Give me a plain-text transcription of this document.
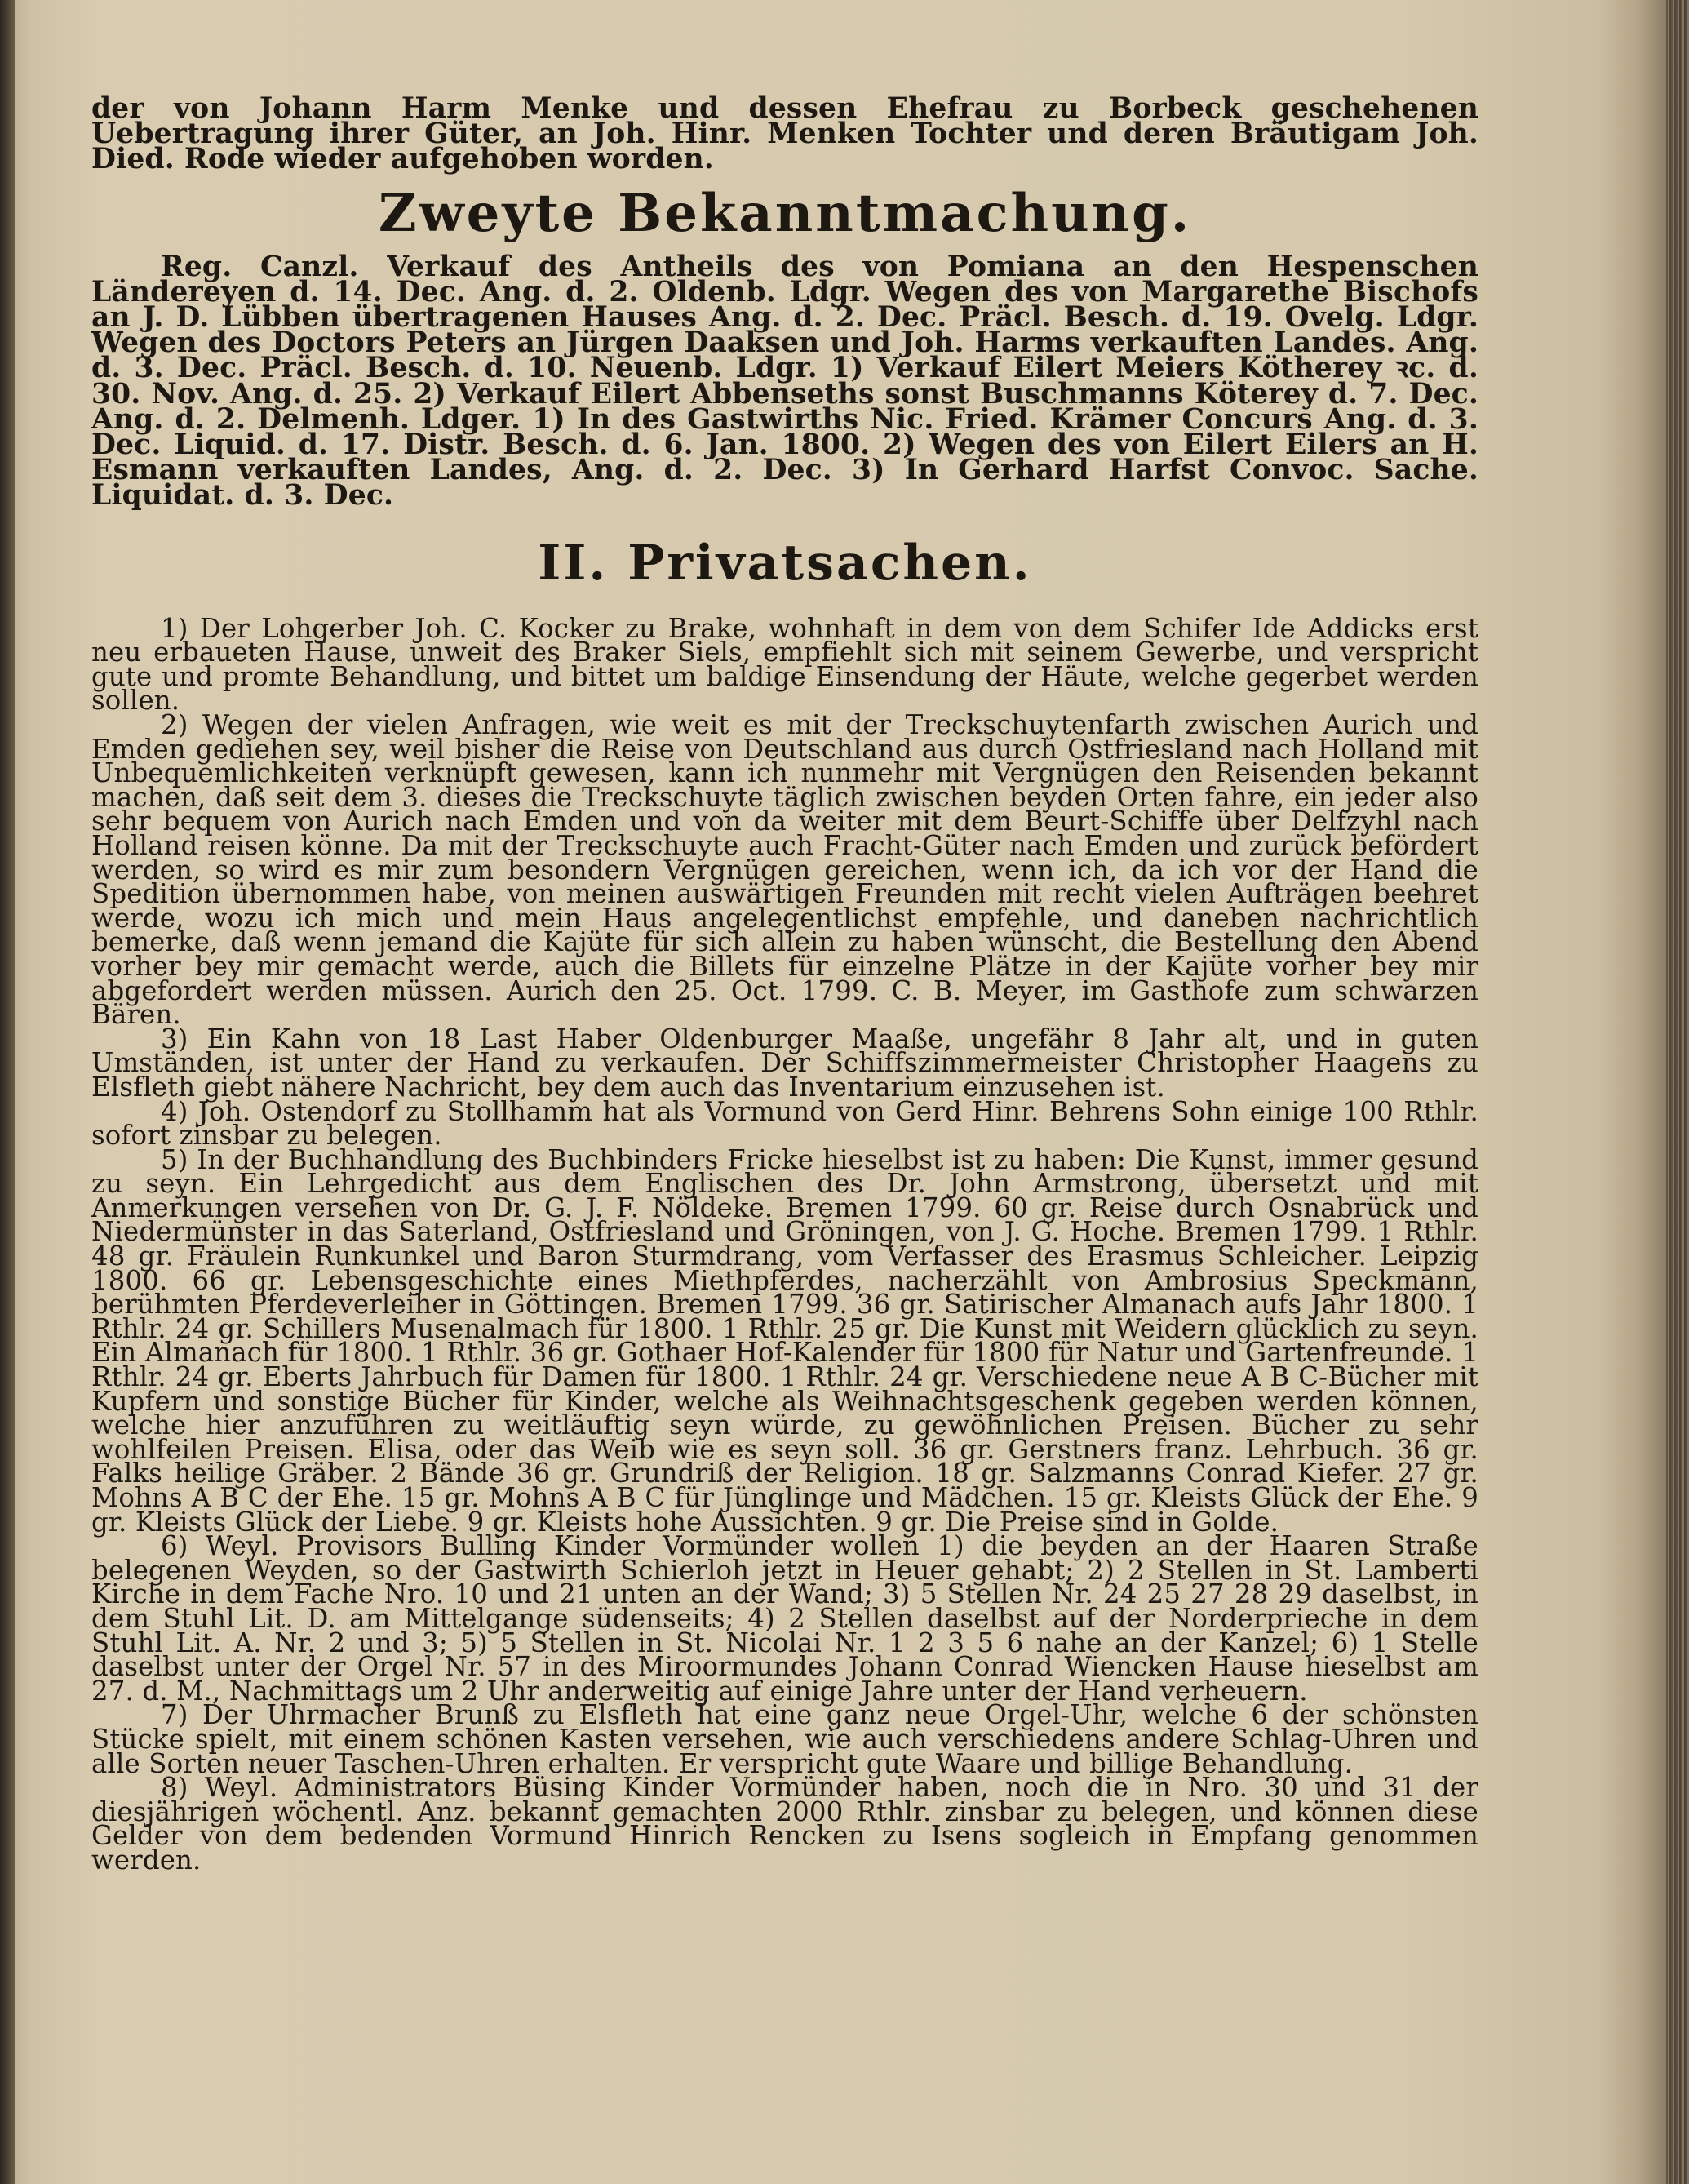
der von Johann Harm Menke und dessen Ehefrau zu Borbeck geschehenen Uebertragung ihrer Güter, an Joh. Hinr. Menken Tochter und deren Bräutigam Joh. Died. Rode wieder aufgehoben worden.

Zweyte Bekanntmachung.

Reg. Canzl. Verkauf des Antheils des von Pomiana an den Hespenschen Ländereyen d. 14. Dec. Ang. d. 2. Oldenb. Ldgr. Wegen des von Margarethe Bischofs an J. D. Lübben übertragenen Hauses Ang. d. 2. Dec. Präcl. Besch. d. 19. Ovelg. Ldgr. Wegen des Doctors Peters an Jürgen Daaksen und Joh. Harms verkauften Landes. Ang. d. 3. Dec. Präcl. Besch. d. 10. Neuenb. Ldgr. 1) Verkauf Eilert Meiers Kötherey ꝛc. d. 30. Nov. Ang. d. 25. 2) Verkauf Eilert Abbenseths sonst Buschmanns Köterey d. 7. Dec. Ang. d. 2. Delmenh. Ldger. 1) In des Gastwirths Nic. Fried. Krämer Concurs Ang. d. 3. Dec. Liquid. d. 17. Distr. Besch. d. 6. Jan. 1800. 2) Wegen des von Eilert Eilers an H. Esmann verkauften Landes, Ang. d. 2. Dec. 3) In Gerhard Harfst Convoc. Sache. Liquidat. d. 3. Dec.

II. Privatsachen.

1) Der Lohgerber Joh. C. Kocker zu Brake, wohnhaft in dem von dem Schifer Ide Addicks erst neu erbaueten Hause, unweit des Braker Siels, empfiehlt sich mit seinem Gewerbe, und verspricht gute und promte Behandlung, und bittet um baldige Einsendung der Häute, welche gegerbet werden sollen.

2) Wegen der vielen Anfragen, wie weit es mit der Treckschuytenfarth zwischen Aurich und Emden gediehen sey, weil bisher die Reise von Deutschland aus durch Ostfriesland nach Holland mit Unbequemlichkeiten verknüpft gewesen, kann ich nunmehr mit Vergnügen den Reisenden bekannt machen, daß seit dem 3. dieses die Treckschuyte täglich zwischen beyden Orten fahre, ein jeder also sehr bequem von Aurich nach Emden und von da weiter mit dem Beurt-Schiffe über Delfzyhl nach Holland reisen könne. Da mit der Treckschuyte auch Fracht-Güter nach Emden und zurück befördert werden, so wird es mir zum besondern Vergnügen gereichen, wenn ich, da ich vor der Hand die Spedition übernommen habe, von meinen auswärtigen Freunden mit recht vielen Aufträgen beehret werde, wozu ich mich und mein Haus angelegentlichst empfehle, und daneben nachrichtlich bemerke, daß wenn jemand die Kajüte für sich allein zu haben wünscht, die Bestellung den Abend vorher bey mir gemacht werde, auch die Billets für einzelne Plätze in der Kajüte vorher bey mir abgefordert werden müssen. Aurich den 25. Oct. 1799. C. B. Meyer, im Gasthofe zum schwarzen Bären.

3) Ein Kahn von 18 Last Haber Oldenburger Maaße, ungefähr 8 Jahr alt, und in guten Umständen, ist unter der Hand zu verkaufen. Der Schiffszimmermeister Christopher Haagens zu Elsfleth giebt nähere Nachricht, bey dem auch das Inventarium einzusehen ist.

4) Joh. Ostendorf zu Stollhamm hat als Vormund von Gerd Hinr. Behrens Sohn einige 100 Rthlr. sofort zinsbar zu belegen.

5) In der Buchhandlung des Buchbinders Fricke hieselbst ist zu haben: Die Kunst, immer gesund zu seyn. Ein Lehrgedicht aus dem Englischen des Dr. John Armstrong, übersetzt und mit Anmerkungen versehen von Dr. G. J. F. Nöldeke. Bremen 1799. 60 gr. Reise durch Osnabrück und Niedermünster in das Saterland, Ostfriesland und Gröningen, von J. G. Hoche. Bremen 1799. 1 Rthlr. 48 gr. Fräulein Runkunkel und Baron Sturmdrang, vom Verfasser des Erasmus Schleicher. Leipzig 1800. 66 gr. Lebensgeschichte eines Miethpferdes, nacherzählt von Ambrosius Speckmann, berühmten Pferdeverleiher in Göttingen. Bremen 1799. 36 gr. Satirischer Almanach aufs Jahr 1800. 1 Rthlr. 24 gr. Schillers Musenalmach für 1800. 1 Rthlr. 25 gr. Die Kunst mit Weidern glücklich zu seyn. Ein Almanach für 1800. 1 Rthlr. 36 gr. Gothaer Hof-Kalender für 1800 für Natur und Gartenfreunde. 1 Rthlr. 24 gr. Eberts Jahrbuch für Damen für 1800. 1 Rthlr. 24 gr. Verschiedene neue A B C-Bücher mit Kupfern und sonstige Bücher für Kinder, welche als Weihnachtsgeschenk gegeben werden können, welche hier anzuführen zu weitläuftig seyn würde, zu gewöhnlichen Preisen. Bücher zu sehr wohlfeilen Preisen. Elisa, oder das Weib wie es seyn soll. 36 gr. Gerstners franz. Lehrbuch. 36 gr. Falks heilige Gräber. 2 Bände 36 gr. Grundriß der Religion. 18 gr. Salzmanns Conrad Kiefer. 27 gr. Mohns A B C der Ehe. 15 gr. Mohns A B C für Jünglinge und Mädchen. 15 gr. Kleists Glück der Ehe. 9 gr. Kleists Glück der Liebe. 9 gr. Kleists hohe Aussichten. 9 gr. Die Preise sind in Golde.

6) Weyl. Provisors Bulling Kinder Vormünder wollen 1) die beyden an der Haaren Straße belegenen Weyden, so der Gastwirth Schierloh jetzt in Heuer gehabt; 2) 2 Stellen in St. Lamberti Kirche in dem Fache Nro. 10 und 21 unten an der Wand; 3) 5 Stellen Nr. 24 25 27 28 29 daselbst, in dem Stuhl Lit. D. am Mittelgange südenseits; 4) 2 Stellen daselbst auf der Norderprieche in dem Stuhl Lit. A. Nr. 2 und 3; 5) 5 Stellen in St. Nicolai Nr. 1 2 3 5 6 nahe an der Kanzel; 6) 1 Stelle daselbst unter der Orgel Nr. 57 in des Miroormundes Johann Conrad Wiencken Hause hieselbst am 27. d. M., Nachmittags um 2 Uhr anderweitig auf einige Jahre unter der Hand verheuern.

7) Der Uhrmacher Brunß zu Elsfleth hat eine ganz neue Orgel-Uhr, welche 6 der schönsten Stücke spielt, mit einem schönen Kasten versehen, wie auch verschiedens andere Schlag-Uhren und alle Sorten neuer Taschen-Uhren erhalten. Er verspricht gute Waare und billige Behandlung.

8) Weyl. Administrators Büsing Kinder Vormünder haben, noch die in Nro. 30 und 31 der diesjährigen wöchentl. Anz. bekannt gemachten 2000 Rthlr. zinsbar zu belegen, und können diese Gelder von dem bedenden Vormund Hinrich Rencken zu Isens sogleich in Empfang genommen werden.
